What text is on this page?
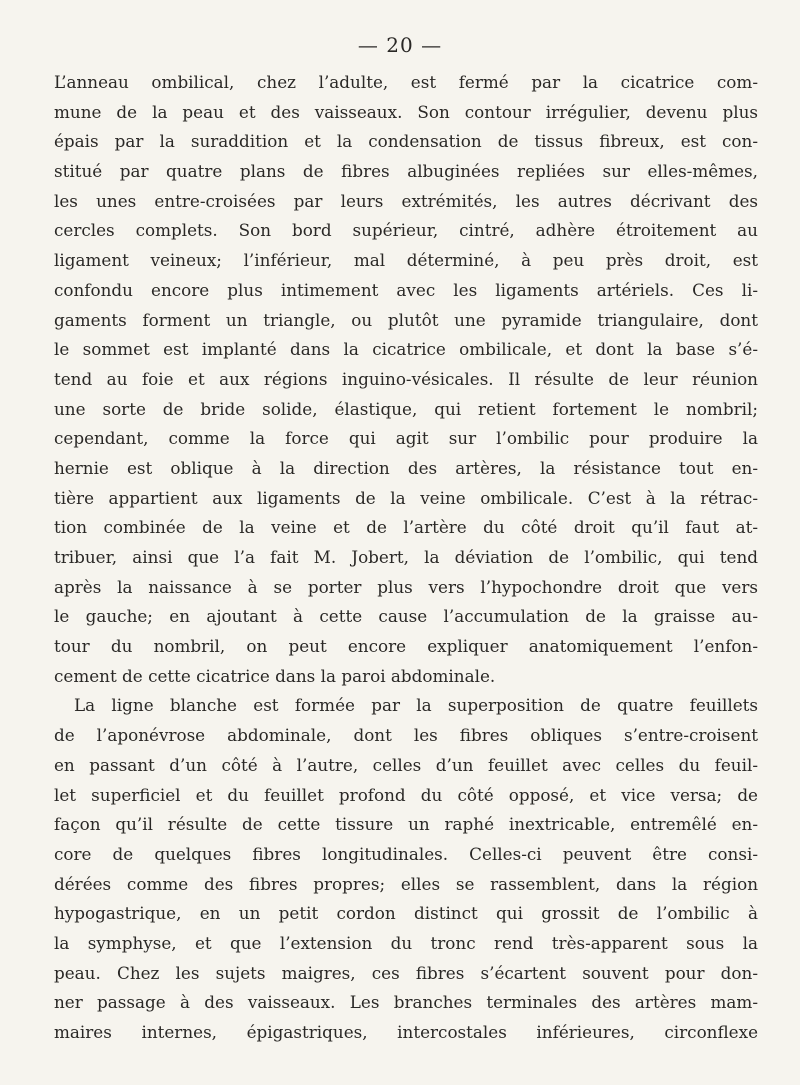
— 20 —
L’anneau ombilical, chez l’adulte, est fermé par la cicatrice com-
mune de la peau et des vaisseaux. Son contour irrégulier, devenu plus
épais par la suraddition et la condensation de tissus fibreux, est con-
stitué par quatre plans de fibres albuginées repliées sur elles-mêmes,
les unes entre-croisées par leurs extrémités, les autres décrivant des
cercles complets. Son bord supérieur, cintré, adhère étroitement au
ligament veineux; l’inférieur, mal déterminé, à peu près droit, est
confondu encore plus intimement avec les ligaments artériels. Ces li-
gaments forment un triangle, ou plutôt une pyramide triangulaire, dont
le sommet est implanté dans la cicatrice ombilicale, et dont la base s’é-
tend au foie et aux régions inguino-vésicales. Il résulte de leur réunion
une sorte de bride solide, élastique, qui retient fortement le nombril;
cependant, comme la force qui agit sur l’ombilic pour produire la
hernie est oblique à la direction des artères, la résistance tout en-
tière appartient aux ligaments de la veine ombilicale. C’est à la rétrac-
tion combinée de la veine et de l’artère du côté droit qu’il faut at-
tribuer, ainsi que l’a fait M. Jobert, la déviation de l’ombilic, qui tend
après la naissance à se porter plus vers l’hypochondre droit que vers
le gauche; en ajoutant à cette cause l’accumulation de la graisse au-
tour du nombril, on peut encore expliquer anatomiquement l’enfon-
cement de cette cicatrice dans la paroi abdominale.
La ligne blanche est formée par la superposition de quatre feuillets
de l’aponévrose abdominale, dont les fibres obliques s’entre-croisent
en passant d’un côté à l’autre, celles d’un feuillet avec celles du feuil-
let superficiel et du feuillet profond du côté opposé, et vice versa; de
façon qu’il résulte de cette tissure un raphé inextricable, entremêlé en-
core de quelques fibres longitudinales. Celles-ci peuvent être consi-
dérées comme des fibres propres; elles se rassemblent, dans la région
hypogastrique, en un petit cordon distinct qui grossit de l’ombilic à
la symphyse, et que l’extension du tronc rend très-apparent sous la
peau. Chez les sujets maigres, ces fibres s’écartent souvent pour don-
ner passage à des vaisseaux. Les branches terminales des artères mam-
maires internes, épigastriques, intercostales inférieures, circonflexe
